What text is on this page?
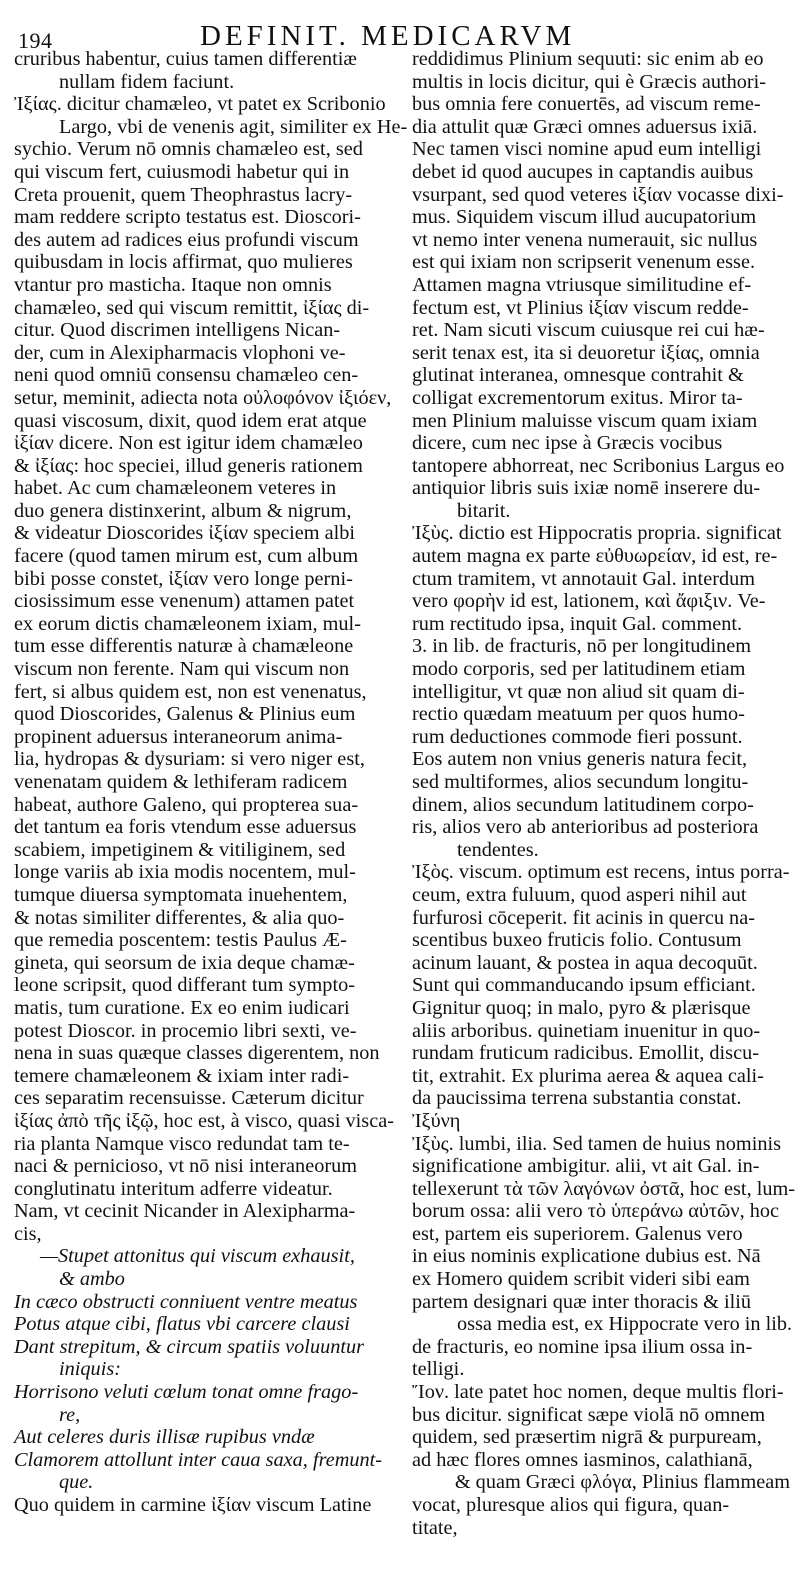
194	DEFINIT. MEDICARVM
cruribus habentur, cuius tamen differentiæ
nullam fidem faciunt.
Ἰξίας. dicitur chamæleo, vt patet ex Scribonio
Largo, vbi de venenis agit, similiter ex He-
sychio. Verum nō omnis chamæleo est, sed
qui viscum fert, cuiusmodi habetur qui in
Creta prouenit, quem Theophrastus lacry-
mam reddere scripto testatus est. Dioscori-
des autem ad radices eius profundi viscum
quibusdam in locis affirmat, quo mulieres
vtantur pro masticha. Itaque non omnis
chamæleo, sed qui viscum remittit, ἰξίας di-
citur. Quod discrimen intelligens Nican-
der, cum in Alexipharmacis vlophoni ve-
neni quod omniū consensu chamæleo cen-
setur, meminit, adiecta nota οὐλοφόνον ἰξιόεν,
quasi viscosum, dixit, quod idem erat atque
ἰξίαν dicere. Non est igitur idem chamæleo
& ἰξίας: hoc speciei, illud generis rationem
habet. Ac cum chamæleonem veteres in
duo genera distinxerint, album & nigrum,
& videatur Dioscorides ἰξίαν speciem albi
facere (quod tamen mirum est, cum album
bibi posse constet, ἰξίαν vero longe perni-
ciosissimum esse venenum) attamen patet
ex eorum dictis chamæleonem ixiam, mul-
tum esse differentis naturæ à chamæleone
viscum non ferente. Nam qui viscum non
fert, si albus quidem est, non est venenatus,
quod Dioscorides, Galenus & Plinius eum
propinent aduersus interaneorum anima-
lia, hydropas & dysuriam: si vero niger est,
venenatam quidem & lethiferam radicem
habeat, authore Galeno, qui propterea sua-
det tantum ea foris vtendum esse aduersus
scabiem, impetiginem & vitiliginem, sed
longe variis ab ixia modis nocentem, mul-
tumque diuersa symptomata inuehentem,
& notas similiter differentes, & alia quo-
que remedia poscentem: testis Paulus Æ-
gineta, qui seorsum de ixia deque chamæ-
leone scripsit, quod differant tum sympto-
matis, tum curatione. Ex eo enim iudicari
potest Dioscor. in procemio libri sexti, ve-
nena in suas quæque classes digerentem, non
temere chamæleonem & ixiam inter radi-
ces separatim recensuisse. Cæterum dicitur
ἰξίας ἀπὸ τῆς ἰξῷ, hoc est, à visco, quasi visca-
ria planta Namque visco redundat tam te-
naci & pernicioso, vt nō nisi interaneorum
conglutinatu interitum adferre videatur.
Nam, vt cecinit Nicander in Alexipharma-
cis,
—Stupet attonitus qui viscum exhausit,
& ambo
In cæco obstructi conniuent ventre meatus
Potus atque cibi, flatus vbi carcere clausi
Dant strepitum, & circum spatiis voluuntur
iniquis:
Horrisono veluti cœlum tonat omne frago-
re,
Aut celeres duris illisæ rupibus vndæ
Clamorem attollunt inter caua saxa, fremunt-
que.
Quo quidem in carmine ἰξίαν viscum Latine
reddidimus Plinium sequuti: sic enim ab eo
multis in locis dicitur, qui è Græcis authori-
bus omnia fere conuertēs, ad viscum reme-
dia attulit quæ Græci omnes aduersus ixiā.
Nec tamen visci nomine apud eum intelligi
debet id quod aucupes in captandis auibus
vsurpant, sed quod veteres ἰξίαν vocasse dixi-
mus. Siquidem viscum illud aucupatorium
vt nemo inter venena numerauit, sic nullus
est qui ixiam non scripserit venenum esse.
Attamen magna vtriusque similitudine ef-
fectum est, vt Plinius ἰξίαν viscum redde-
ret. Nam sicuti viscum cuiusque rei cui hæ-
serit tenax est, ita si deuoretur ἰξίας, omnia
glutinat interanea, omnesque contrahit &
colligat excrementorum exitus. Miror ta-
men Plinium maluisse viscum quam ixiam
dicere, cum nec ipse à Græcis vocibus
tantopere abhorreat, nec Scribonius Largus eo
antiquior libris suis ixiæ nomē inserere du-
bitarit.
Ἰξὺς. dictio est Hippocratis propria. significat
autem magna ex parte εὐθυωρείαν, id est, re-
ctum tramitem, vt annotauit Gal. interdum
vero φορὴν id est, lationem, καὶ ἄφιξιν. Ve-
rum rectitudo ipsa, inquit Gal. comment.
3. in lib. de fracturis, nō per longitudinem
modo corporis, sed per latitudinem etiam
intelligitur, vt quæ non aliud sit quam di-
rectio quædam meatuum per quos humo-
rum deductiones commode fieri possunt.
Eos autem non vnius generis natura fecit,
sed multiformes, alios secundum longitu-
dinem, alios secundum latitudinem corpo-
ris, alios vero ab anterioribus ad posteriora
tendentes.
Ἰξὸς. viscum. optimum est recens, intus porra-
ceum, extra fuluum, quod asperi nihil aut
furfurosi cōceperit. fit acinis in quercu na-
scentibus buxeo fruticis folio. Contusum
acinum lauant, & postea in aqua decoquūt.
Sunt qui commanducando ipsum efficiant.
Gignitur quoq; in malo, pyro & plærisque
aliis arboribus. quinetiam inuenitur in quo-
rundam fruticum radicibus. Emollit, discu-
tit, extrahit. Ex plurima aerea & aquea cali-
da paucissima terrena substantia constat.
Ἰξύνη
Ἰξὺς. lumbi, ilia. Sed tamen de huius nominis
significatione ambigitur. alii, vt ait Gal. in-
tellexerunt τὰ τῶν λαγόνων ὀστᾶ, hoc est, lum-
borum ossa: alii vero τὸ ὑπεράνω αὐτῶν, hoc
est, partem eis superiorem. Galenus vero
in eius nominis explicatione dubius est. Nā
ex Homero quidem scribit videri sibi eam
partem designari quæ inter thoracis & iliū
ossa media est, ex Hippocrate vero in lib.
de fracturis, eo nomine ipsa ilium ossa in-
telligi.
Ἴον. late patet hoc nomen, deque multis flori-
bus dicitur. significat sæpe violā nō omnem
quidem, sed præsertim nigrā & purpuream,
ad hæc flores omnes iasminos, calathianā,
& quam Græci φλόγα, Plinius flammeam
vocat, pluresque alios qui figura, quan-
titate,
